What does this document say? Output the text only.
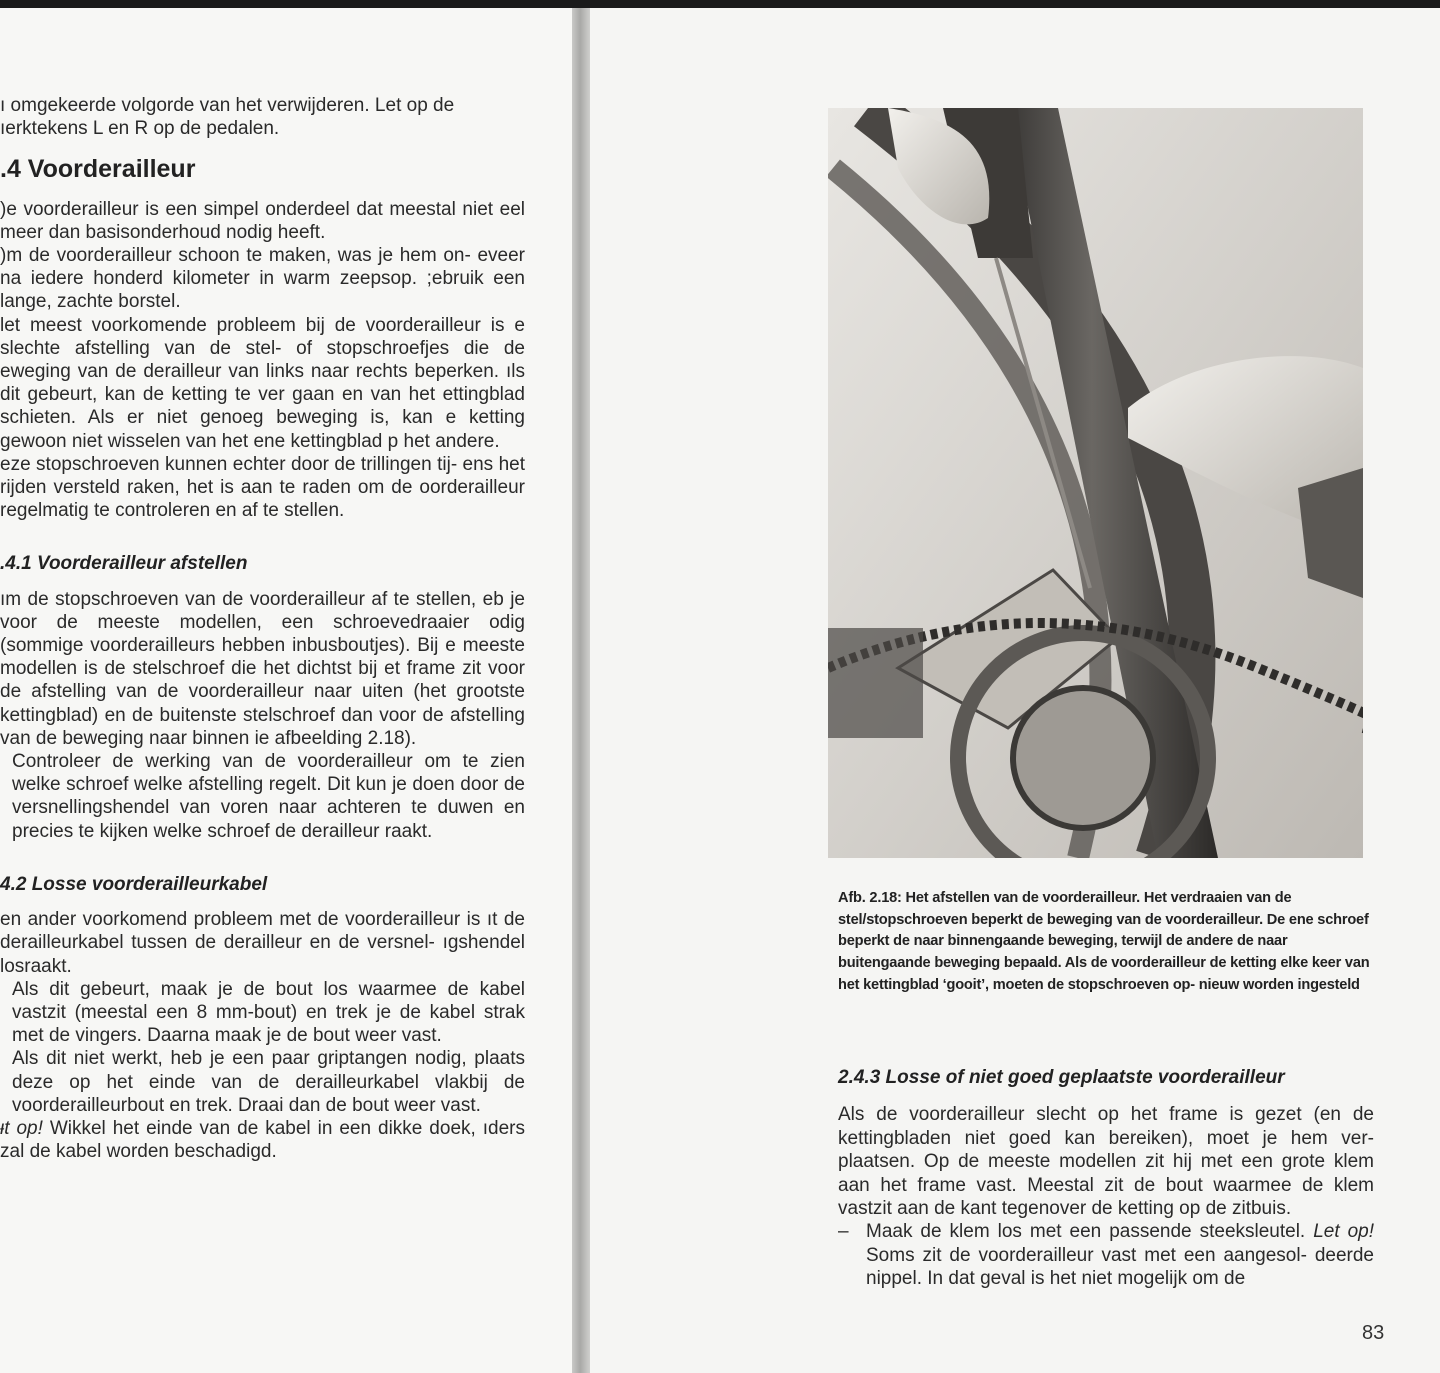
ı omgekeerde volgorde van het verwijderen. Let op de

ıerktekens L en R op de pedalen.

.4 Voorderailleur

)e voorderailleur is een simpel onderdeel dat meestal niet eel meer dan basisonderhoud nodig heeft.

)m de voorderailleur schoon te maken, was je hem on- eveer na iedere honderd kilometer in warm zeepsop. ;ebruik een lange, zachte borstel.

let meest voorkomende probleem bij de voorderailleur is e slechte afstelling van de stel- of stopschroefjes die de eweging van de derailleur van links naar rechts beperken. ıls dit gebeurt, kan de ketting te ver gaan en van het ettingblad schieten. Als er niet genoeg beweging is, kan e ketting gewoon niet wisselen van het ene kettingblad p het andere.

eze stopschroeven kunnen echter door de trillingen tij- ens het rijden versteld raken, het is aan te raden om de oorderailleur regelmatig te controleren en af te stellen.

.4.1 Voorderailleur afstellen

ım de stopschroeven van de voorderailleur af te stellen, eb je voor de meeste modellen, een schroevedraaier odig (sommige voorderailleurs hebben inbusboutjes). Bij e meeste modellen is de stelschroef die het dichtst bij et frame zit voor de afstelling van de voorderailleur naar uiten (het grootste kettingblad) en de buitenste stelschroef dan voor de afstelling van de beweging naar binnen ie afbeelding 2.18).

Controleer de werking van de voorderailleur om te zien welke schroef welke afstelling regelt. Dit kun je doen door de versnellingshendel van voren naar achteren te duwen en precies te kijken welke schroef de derailleur raakt.

4.2 Losse voorderailleurkabel

en ander voorkomend probleem met de voorderailleur is ıt de derailleurkabel tussen de derailleur en de versnel- ıgshendel losraakt.

Als dit gebeurt, maak je de bout los waarmee de kabel vastzit (meestal een 8 mm-bout) en trek je de kabel strak met de vingers. Daarna maak je de bout weer vast.

Als dit niet werkt, heb je een paar griptangen nodig, plaats deze op het einde van de derailleurkabel vlakbij de voorderailleurbout en trek. Draai dan de bout weer vast.

ᵻt op! Wikkel het einde van de kabel in een dikke doek, ıders zal de kabel worden beschadigd.

Afb. 2.18: Het afstellen van de voorderailleur. Het verdraaien van de stel/stopschroeven beperkt de beweging van de voorderailleur. De ene schroef beperkt de naar binnengaande beweging, terwijl de andere de naar buitengaande beweging bepaald. Als de voorderailleur de ketting elke keer van het kettingblad ‘gooit’, moeten de stopschroeven op- nieuw worden ingesteld
2.4.3 Losse of niet goed geplaatste voorderailleur

Als de voorderailleur slecht op het frame is gezet (en de kettingbladen niet goed kan bereiken), moet je hem ver- plaatsen. Op de meeste modellen zit hij met een grote klem aan het frame vast. Meestal zit de bout waarmee de klem vastzit aan de kant tegenover de ketting op de zitbuis.

– Maak de klem los met een passende steeksleutel. Let op! Soms zit de voorderailleur vast met een aangesol- deerde nippel. In dat geval is het niet mogelijk om de

83
